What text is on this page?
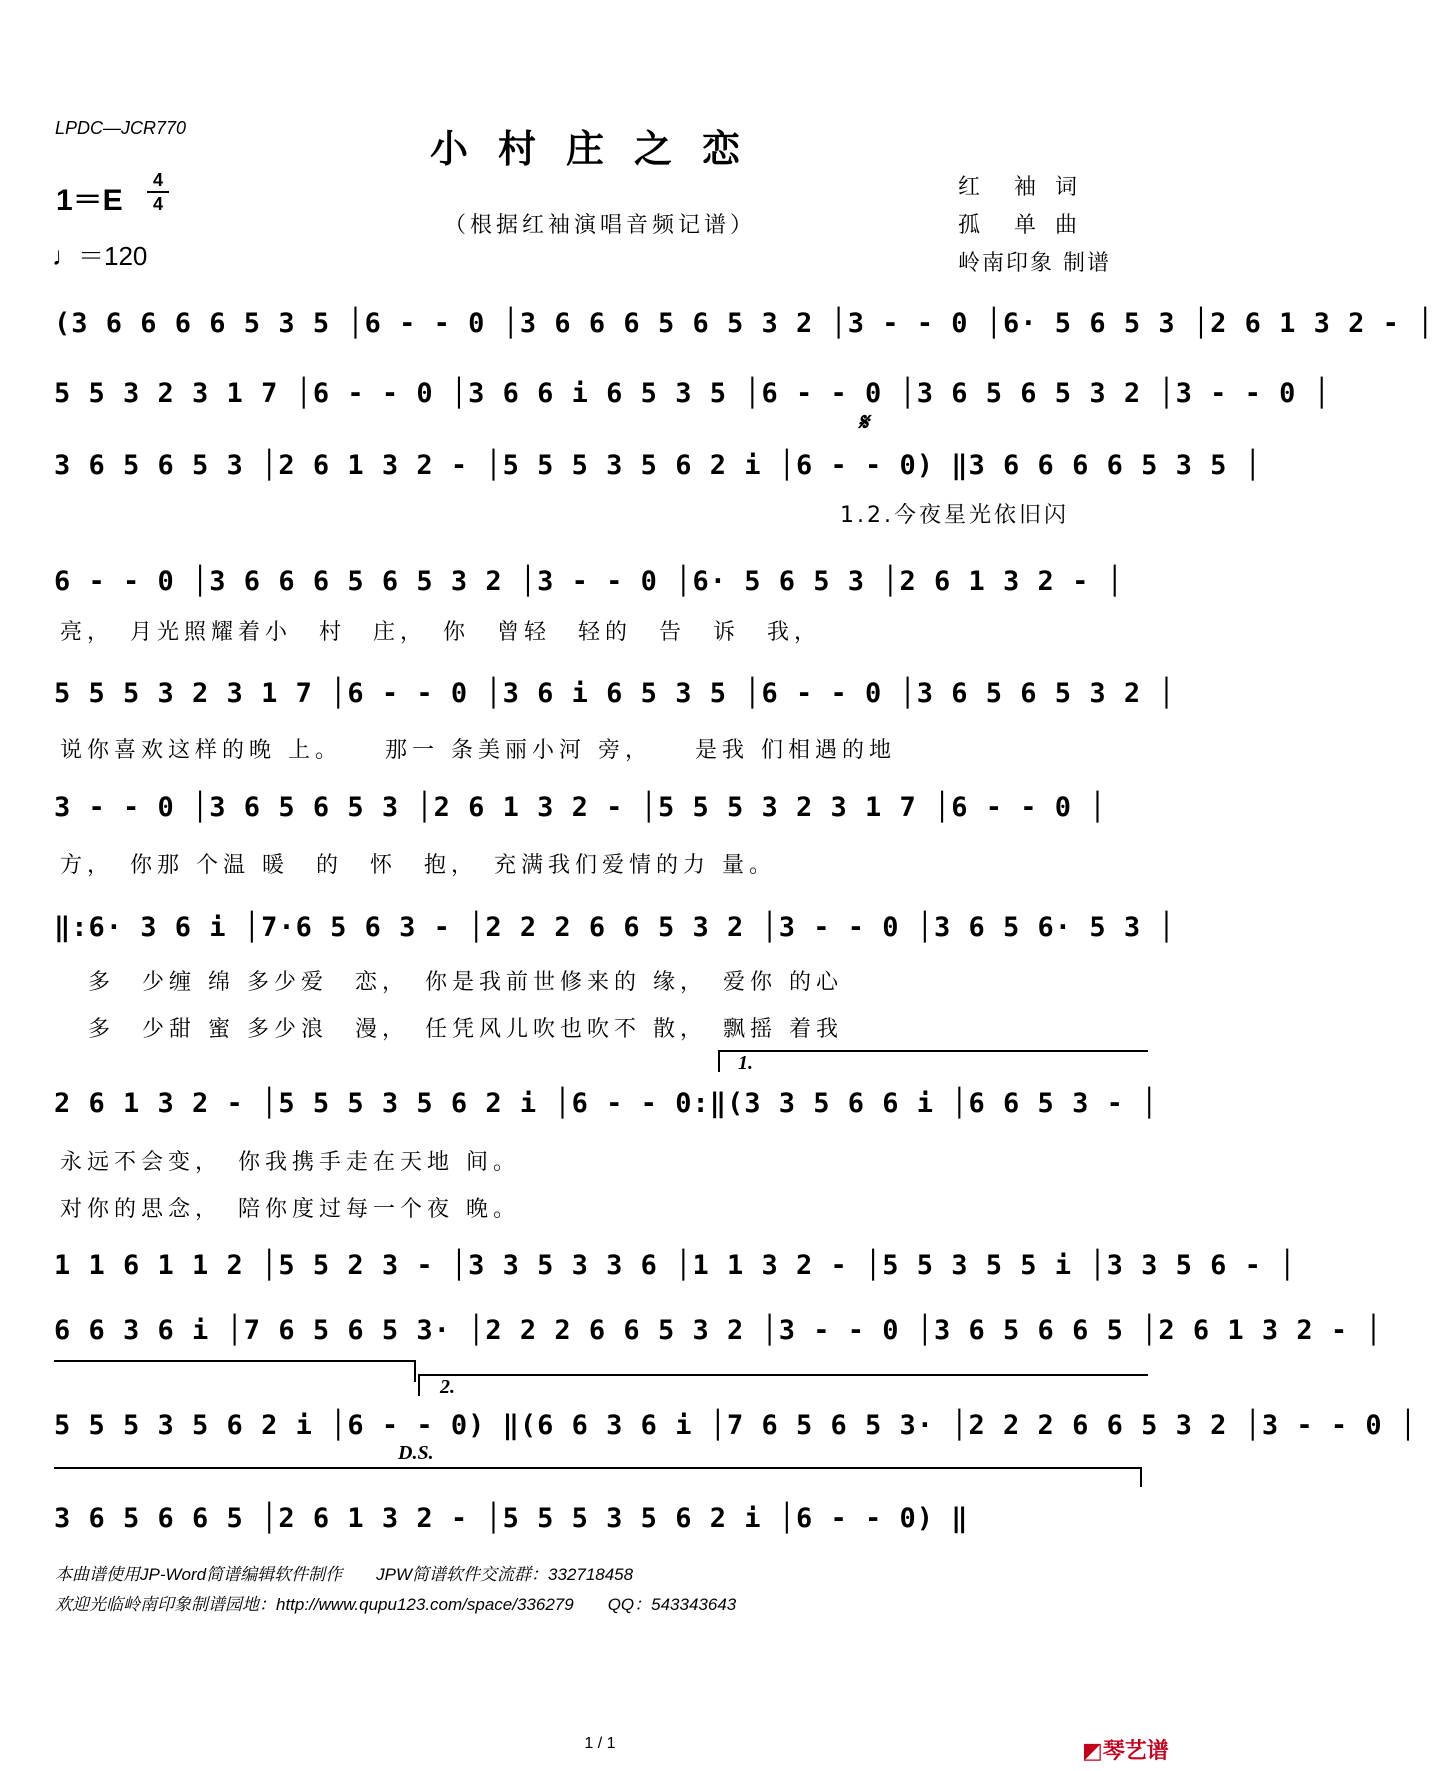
LPDC—JCR770	小村庄之恋
（根据红袖演唱音频记谱）
1＝E
4
4
♩＝120
红　袖 词
孤　单 曲
岭南印象 制谱
(3 6 6 6 6 5 3 5 │6 - - 0 │3 6 6 6 5 6 5 3 2 │3 - - 0 │6· 5 6 5 3 │2 6 1 3 2 - │
5 5 3 2 3 1 7 │6 - - 0 │3 6 6 i 6 5 3 5 │6 - - 0 │3 6 5 6 5 3 2 │3 - - 0 │
3 6 5 6 5 3 │2 6 1 3 2 - │5 5 5 3 5 6 2 i │6 - - 0) ‖3 6 6 6 6 5 3 5 │
𝄋
1.2.今夜星光依旧闪
6 - - 0 │3 6 6 6 5 6 5 3 2 │3 - - 0 │6· 5 6 5 3 │2 6 1 3 2 - │
亮，　月光照耀着小　村　庄，　你　曾轻　轻的　告　诉　我，
5 5 5 3 2 3 1 7 │6 - - 0 │3 6 i 6 5 3 5 │6 - - 0 │3 6 5 6 5 3 2 │
说你喜欢这样的晚 上。　　那一 条美丽小河 旁，　　是我 们相遇的地
3 - - 0 │3 6 5 6 5 3 │2 6 1 3 2 - │5 5 5 3 2 3 1 7 │6 - - 0 │
方，　你那 个温 暖　的　怀　抱，　充满我们爱情的力 量。
‖:6· 3 6 i │7·6 5 6 3 - │2 2 2 6 6 5 3 2 │3 - - 0 │3 6 5 6· 5 3 │
多　少缠 绵 多少爱　恋，　你是我前世修来的 缘，　爱你 的心
多　少甜 蜜 多少浪　漫，　任凭风儿吹也吹不 散，　飘摇 着我
1.
2 6 1 3 2 - │5 5 5 3 5 6 2 i │6 - - 0:‖(3 3 5 6 6 i │6 6 5 3 - │
永远不会变，　你我携手走在天地 间。
对你的思念，　陪你度过每一个夜 晚。
1 1 6 1 1 2 │5 5 2 3 - │3 3 5 3 3 6 │1 1 3 2 - │5 5 3 5 5 i │3 3 5 6 - │
6 6 3 6 i │7 6 5 6 5 3· │2 2 2 6 6 5 3 2 │3 - - 0 │3 6 5 6 6 5 │2 6 1 3 2 - │
2.
5 5 5 3 5 6 2 i │6 - - 0) ‖(6 6 3 6 i │7 6 5 6 5 3· │2 2 2 6 6 5 3 2 │3 - - 0 │
D.S.
3 6 5 6 6 5 │2 6 1 3 2 - │5 5 5 3 5 6 2 i │6 - - 0) ‖
本曲谱使用JP-Word简谱编辑软件制作　　JPW简谱软件交流群：332718458
欢迎光临岭南印象制谱园地：http://www.qupu123.com/space/336279　　QQ：543343643
1 / 1	◩琴艺谱
